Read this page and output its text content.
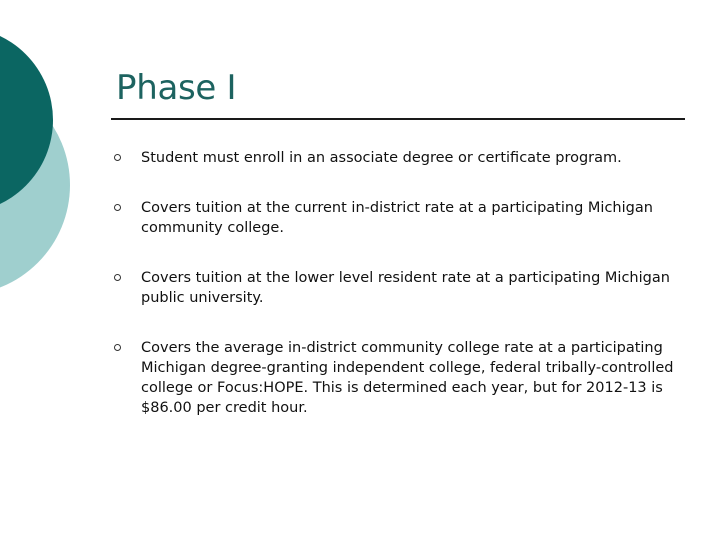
Phase I
Student must enroll in an associate degree or certificate program.
Covers tuition at the current in-district rate at a participating Michigan community college.
Covers tuition at the lower level resident rate at a participating Michigan public university.
Covers the average in-district community college rate at a participating Michigan degree-granting independent college, federal tribally-controlled college or Focus:HOPE. This is determined each year, but for 2012-13 is $86.00 per credit hour.
